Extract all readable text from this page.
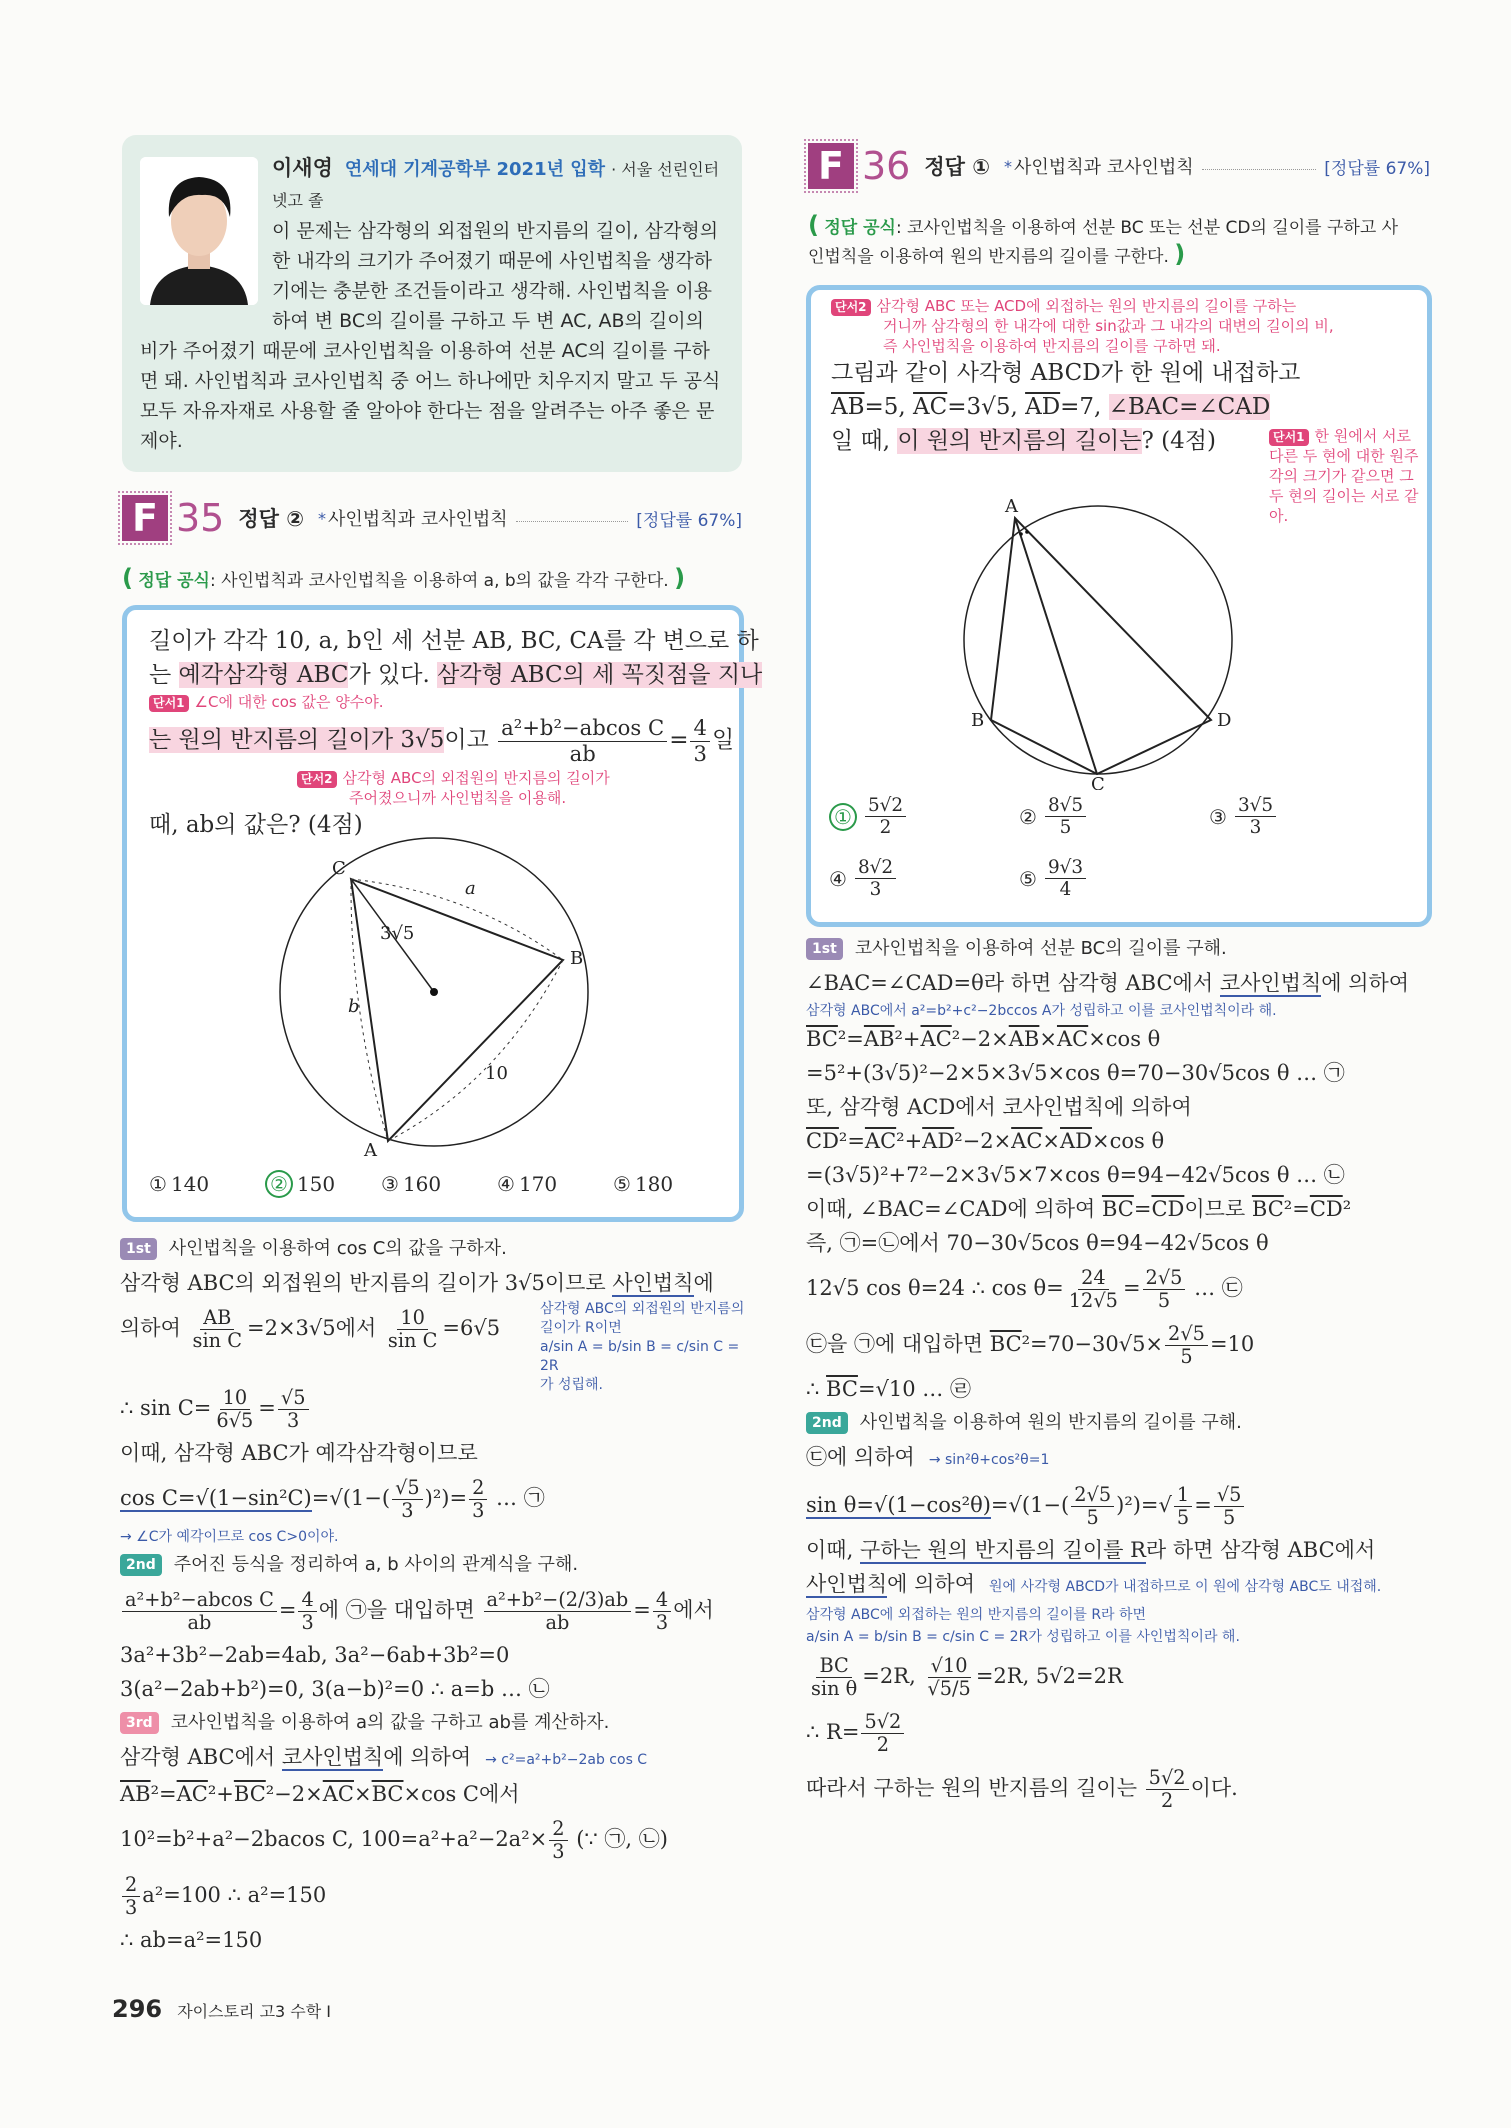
이새영 연세대 기계공학부 2021년 입학 · 서울 선린인터넷고 졸
이 문제는 삼각형의 외접원의 반지름의 길이, 삼각형의 한 내각의 크기가 주어졌기 때문에 사인법칙을 생각하기에는 충분한 조건들이라고 생각해. 사인법칙을 이용하여 변 BC의 길이를 구하고 두 변 AC, AB의 길이의 비가 주어졌기 때문에 코사인법칙을 이용하여 선분 AC의 길이를 구하면 돼. 사인법칙과 코사인법칙 중 어느 하나에만 치우지지 말고 두 공식 모두 자유자재로 사용할 줄 알아야 한다는 점을 알려주는 아주 좋은 문제야.
F 35 정답 ② * 사인법칙과 코사인법칙	[정답률 67%]
( 정답 공식: 사인법칙과 코사인법칙을 이용하여 a, b의 값을 각각 구한다. )
길이가 각각 10, a, b인 세 선분 AB, BC, CA를 각 변으로 하
는 예각삼각형 ABC가 있다. 삼각형 ABC의 세 꼭짓점을 지나
단서1 ∠C에 대한 cos 값은 양수야.
는 원의 반지름의 길이가 3√5이고 $\frac{\text{a²+b²−abcos C}}{ab} = \frac{4}{3}$ 일
단서2 삼각형 ABC의 외접원의 반지름의 길이가
주어졌으니까 사인법칙을 이용해.
때, ab의 값은? (4점)
C
B
A
a
b
10
3√5
① 140	② 150 ③ 160	④ 170	⑤ 180
1st 사인법칙을 이용하여 cos C의 값을 구하자.
삼각형 ABC의 외접원의 반지름의 길이가 3√5이므로 사인법칙에
의하여 $\frac{AB}{\text{sin C}} =2\times 3√5$에서 $\frac{10}{\text{sin C}} =6√5$
삼각형 ABC의 외접원의 반지름의 길이가 R이면
a/sin A = b/sin B = c/sin C = 2R
가 성립해.
∴ $\sin C= \frac{10}{6√5} = \frac{√5}{3}$
이때, 삼각형 ABC가 예각삼각형이므로
$\cos C=√(1-\sin^2C)=√(1-( \frac{√5}{3} )^2)= \frac{2}{3}$ … ㉠
→ ∠C가 예각이므로 cos C>0이야.
2nd 주어진 등식을 정리하여 a, b 사이의 관계식을 구해.
$\frac{\text{a²+b²−abcos C}}{ab} = \frac{4}{3}$ 에 ㉠을 대입하면 $\frac{\text{a²+b²−(2/3)ab}}{ab} = \frac{4}{3}$ 에서
3a²+3b²−2ab=4ab, 3a²−6ab+3b²=0
3(a²−2ab+b²)=0, 3(a−b)²=0 ∴ a=b … ㉡
3rd 코사인법칙을 이용하여 a의 값을 구하고 ab를 계산하자.
삼각형 ABC에서 코사인법칙에 의하여 → c²=a²+b²−2ab cos C
$\overline{AB}^2=\overline{AC}^2+\overline{BC}^2-2\times\overline{AC}\times\overline{BC}\times\cos$ C에서
10²=b²+a²−2bacos C, $100=a^2+a^2-2a^2\times \frac{2}{3}$ (∵ ㉠, ㉡)
$\frac{2}{3} a^2=100$ ∴ a²=150
∴ ab=a²=150
F 36 정답 ① * 사인법칙과 코사인법칙	[정답률 67%]
( 정답 공식: 코사인법칙을 이용하여 선분 BC 또는 선분 CD의 길이를 구하고 사인법칙을 이용하여 원의 반지름의 길이를 구한다. )
단서2 삼각형 ABC 또는 ACD에 외접하는 원의 반지름의 길이를 구하는
거니까 삼각형의 한 내각에 대한 sin값과 그 내각의 대변의 길이의 비,
즉 사인법칙을 이용하여 반지름의 길이를 구하면 돼.
그림과 같이 사각형 ABCD가 한 원에 내접하고
$\overline{AB}=5$, $\overline{AC}=3√5$, $\overline{AD}=7$, ∠BAC=∠CAD
일 때, 이 원의 반지름의 길이는? (4점)	단서1 한 원에서 서로 다른 두 현에 대한 원주각의 크기가 같으면 그 두 현의 길이는 서로 같아.
A
B
C
D
① $\frac{5√2}{2}$	② $\frac{8√5}{5}$	③ $\frac{3√5}{3}$
④ $\frac{8√2}{3}$	⑤ $\frac{9√3}{4}$
1st 코사인법칙을 이용하여 선분 BC의 길이를 구해.
∠BAC=∠CAD=θ라 하면 삼각형 ABC에서 코사인법칙에 의하여
삼각형 ABC에서 a²=b²+c²−2bccos A가 성립하고 이를 코사인법칙이라 해.
$\overline{BC}^2=\overline{AB}^2+\overline{AC}^2-2\times\overline{AB}\times\overline{AC}\times\cos$ θ
=5²+(3√5)²−2×5×3√5×cos θ=70−30√5cos θ … ㉠
또, 삼각형 ACD에서 코사인법칙에 의하여
$\overline{CD}^2=\overline{AC}^2+\overline{AD}^2-2\times\overline{AC}\times\overline{AD}\times\cos$ θ
=(3√5)²+7²−2×3√5×7×cos θ=94−42√5cos θ … ㉡
이때, ∠BAC=∠CAD에 의하여 $\overline{BC}=\overline{CD}$이므로 $\overline{BC}^2=\overline{CD}^2$
즉, ㉠=㉡에서 70−30√5cos θ=94−42√5cos θ
12√5 cos θ=24 ∴ $\cos \theta= \frac{24}{12√5} = \frac{2√5}{5}$ … ㉢
㉢을 ㉠에 대입하면 $\overline{BC}^2=70-30√5\times \frac{2√5}{5} =10$
∴ $\overline{BC}=√10$ … ㉣
2nd 사인법칙을 이용하여 원의 반지름의 길이를 구해.
㉢에 의하여 → sin²θ+cos²θ=1
$\sin \theta=√(1-\cos^2\theta)=√(1-( \frac{2√5}{5} )^2)=√ \frac{1}{5} = \frac{√5}{5}$
이때, 구하는 원의 반지름의 길이를 R라 하면 삼각형 ABC에서
사인법칙에 의하여 원에 사각형 ABCD가 내접하므로 이 원에 삼각형 ABC도 내접해.
삼각형 ABC에 외접하는 원의 반지름의 길이를 R라 하면
a/sin A = b/sin B = c/sin C = 2R가 성립하고 이를 사인법칙이라 해.
$\frac{BC}{\text{sin θ}} =2R$, $\frac{√10}{√5/5} =2R$, 5√2=2R
∴ $R= \frac{5√2}{2}$
따라서 구하는 원의 반지름의 길이는 $\frac{5√2}{2}$ 이다.
296 자이스토리 고3 수학 I
